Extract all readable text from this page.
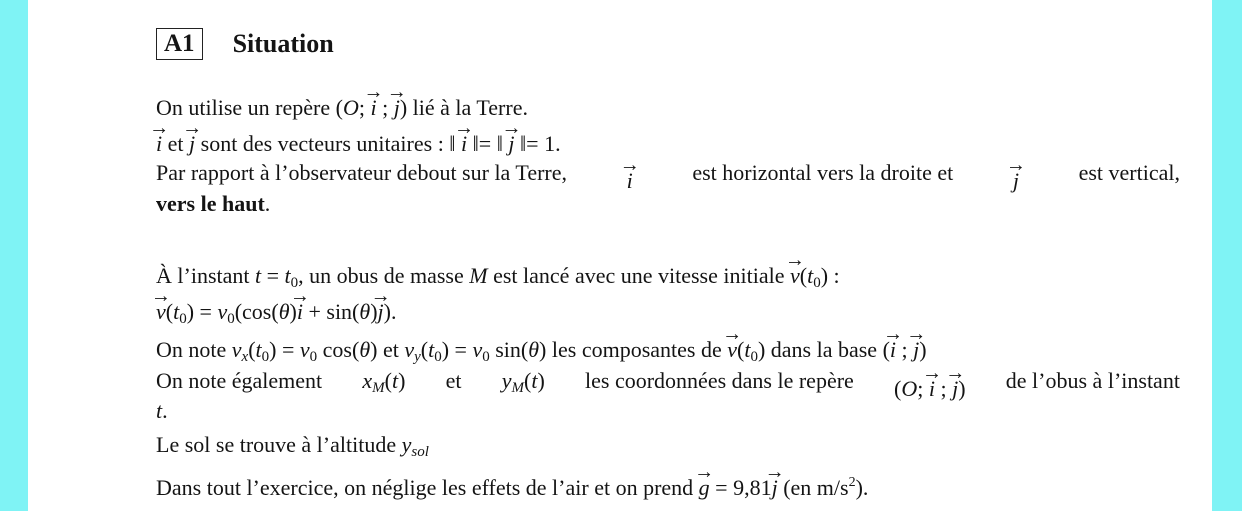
A1	Situation
On utilise un repère (O; → i ; → j) lié à la Terre.
→ i et → j sont des vecteurs unitaires : ‖ → i ‖= ‖ → j ‖= 1.
Par rapport à l’observateur debout sur la Terre,	→ i	est horizontal vers la droite et	→ j	est vertical,
vers le haut.
À l’instant $t = t_0$, un obus de masse M est lancé avec une vitesse initiale → $v(t_0)$ :
→ $v(t_0) = v_0(\cos(\theta)\to i + \sin(\theta)\to j)$.
On note $v_x(t_0) = v_0$ cos(θ) et $v_y(t_0) = v_0$ sin(θ) les composantes de → $v(t_0)$ dans la base (→ i ; → j)
On note également $x_M(t)$ et $y_M(t)$ les coordonnées dans le repère (O; → i ; → j) de l’obus à l’instant
t.
Le sol se trouve à l’altitude $y_{sol}$
Dans tout l’exercice, on néglige les effets de l’air et on prend → g = 9,81→ j (en $m/s^2$).
